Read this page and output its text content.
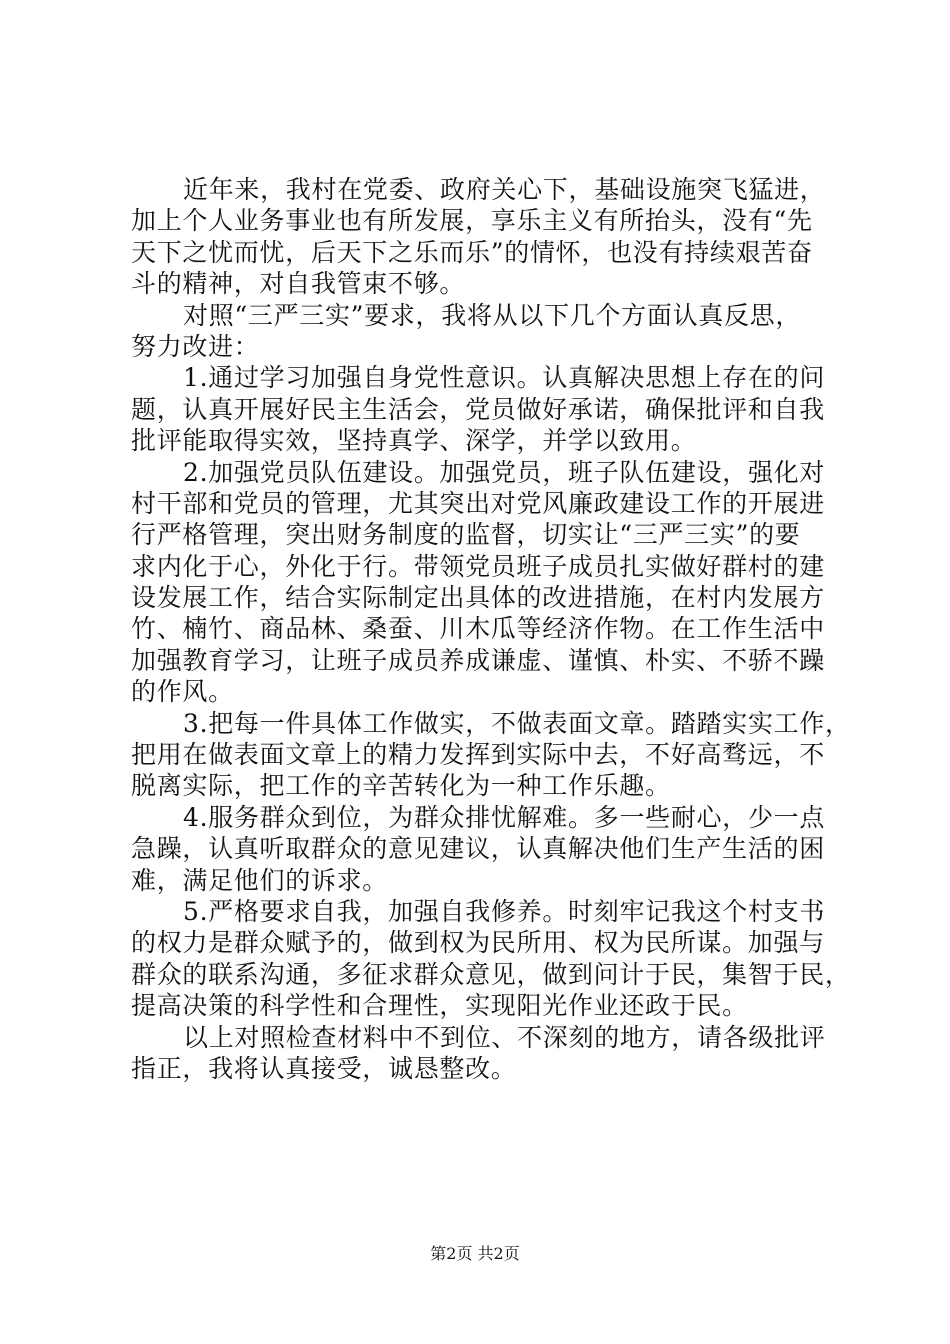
近年来，我村在党委、政府关心下，基础设施突飞猛进，
加上个人业务事业也有所发展，享乐主义有所抬头，没有“先
天下之忧而忧，后天下之乐而乐”的情怀，也没有持续艰苦奋
斗的精神，对自我管束不够。
对照“三严三实”要求，我将从以下几个方面认真反思，
努力改进：
1.通过学习加强自身党性意识。认真解决思想上存在的问
题，认真开展好民主生活会，党员做好承诺，确保批评和自我
批评能取得实效，坚持真学、深学，并学以致用。
2.加强党员队伍建设。加强党员，班子队伍建设，强化对
村干部和党员的管理，尤其突出对党风廉政建设工作的开展进
行严格管理，突出财务制度的监督，切实让“三严三实”的要
求内化于心，外化于行。带领党员班子成员扎实做好群村的建
设发展工作，结合实际制定出具体的改进措施，在村内发展方
竹、楠竹、商品林、桑蚕、川木瓜等经济作物。在工作生活中
加强教育学习，让班子成员养成谦虚、谨慎、朴实、不骄不躁
的作风。
3.把每一件具体工作做实，不做表面文章。踏踏实实工作，
把用在做表面文章上的精力发挥到实际中去，不好高骛远，不
脱离实际，把工作的辛苦转化为一种工作乐趣。
4.服务群众到位，为群众排忧解难。多一些耐心，少一点
急躁，认真听取群众的意见建议，认真解决他们生产生活的困
难，满足他们的诉求。
5.严格要求自我，加强自我修养。时刻牢记我这个村支书
的权力是群众赋予的，做到权为民所用、权为民所谋。加强与
群众的联系沟通，多征求群众意见，做到问计于民，集智于民，
提高决策的科学性和合理性，实现阳光作业还政于民。
以上对照检查材料中不到位、不深刻的地方，请各级批评
指正，我将认真接受，诚恳整改。
第2页 共2页
